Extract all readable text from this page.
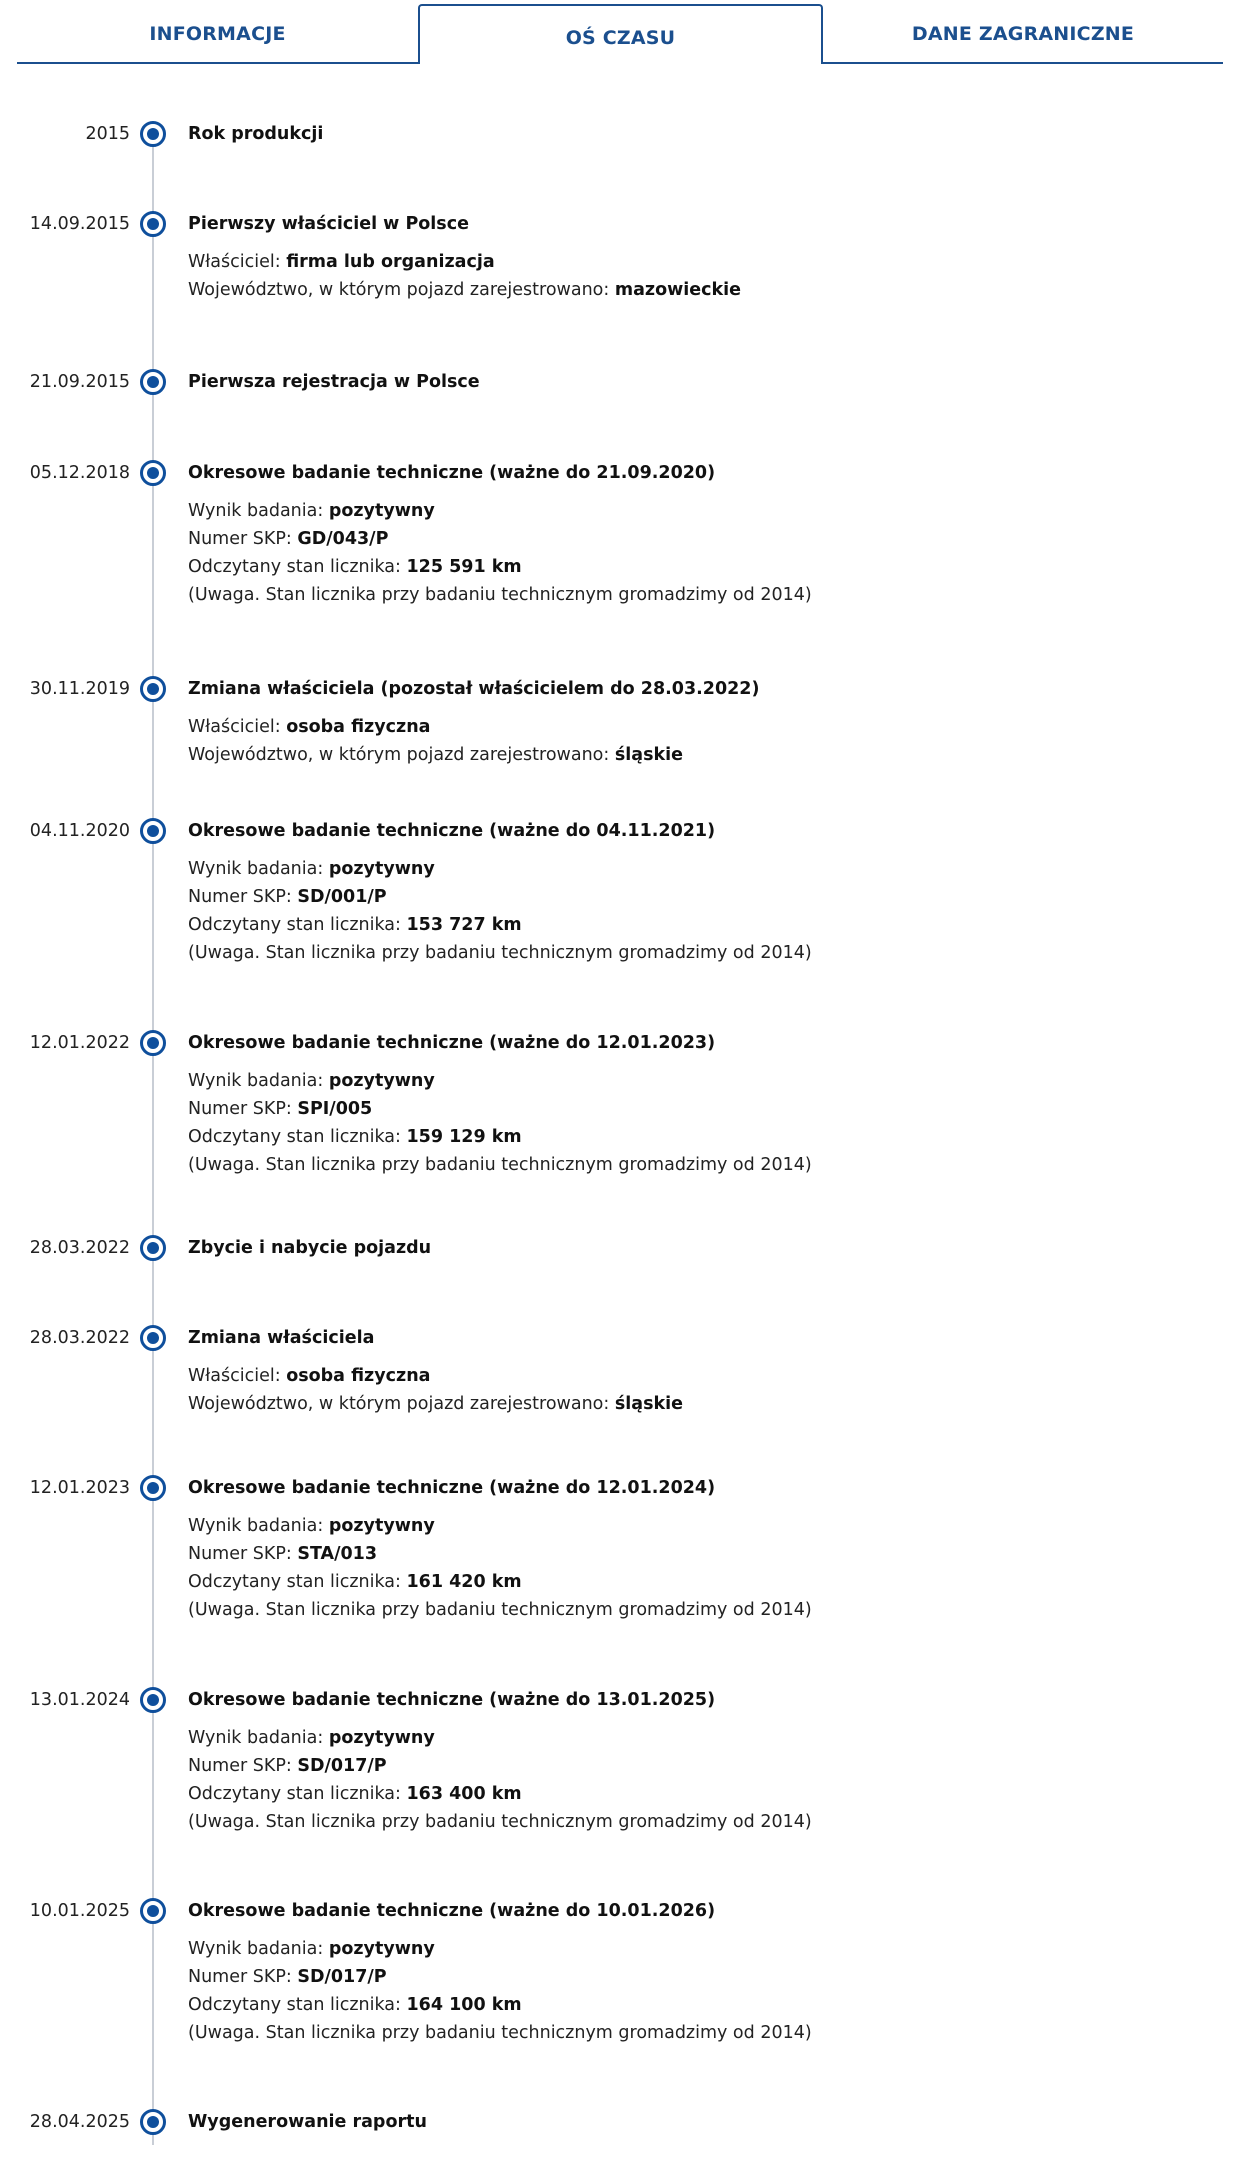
INFORMACJE	OŚ CZASU	DANE ZAGRANICZNE
2015	Rok produkcji
14.09.2015	Pierwszy właściciel w Polsce
Właściciel: firma lub organizacja
Województwo, w którym pojazd zarejestrowano: mazowieckie
21.09.2015	Pierwsza rejestracja w Polsce
05.12.2018	Okresowe badanie techniczne (ważne do 21.09.2020)
Wynik badania: pozytywny
Numer SKP: GD/043/P
Odczytany stan licznika: 125 591 km
(Uwaga. Stan licznika przy badaniu technicznym gromadzimy od 2014)
30.11.2019	Zmiana właściciela (pozostał właścicielem do 28.03.2022)
Właściciel: osoba fizyczna
Województwo, w którym pojazd zarejestrowano: śląskie
04.11.2020	Okresowe badanie techniczne (ważne do 04.11.2021)
Wynik badania: pozytywny
Numer SKP: SD/001/P
Odczytany stan licznika: 153 727 km
(Uwaga. Stan licznika przy badaniu technicznym gromadzimy od 2014)
12.01.2022	Okresowe badanie techniczne (ważne do 12.01.2023)
Wynik badania: pozytywny
Numer SKP: SPI/005
Odczytany stan licznika: 159 129 km
(Uwaga. Stan licznika przy badaniu technicznym gromadzimy od 2014)
28.03.2022	Zbycie i nabycie pojazdu
28.03.2022	Zmiana właściciela
Właściciel: osoba fizyczna
Województwo, w którym pojazd zarejestrowano: śląskie
12.01.2023	Okresowe badanie techniczne (ważne do 12.01.2024)
Wynik badania: pozytywny
Numer SKP: STA/013
Odczytany stan licznika: 161 420 km
(Uwaga. Stan licznika przy badaniu technicznym gromadzimy od 2014)
13.01.2024	Okresowe badanie techniczne (ważne do 13.01.2025)
Wynik badania: pozytywny
Numer SKP: SD/017/P
Odczytany stan licznika: 163 400 km
(Uwaga. Stan licznika przy badaniu technicznym gromadzimy od 2014)
10.01.2025	Okresowe badanie techniczne (ważne do 10.01.2026)
Wynik badania: pozytywny
Numer SKP: SD/017/P
Odczytany stan licznika: 164 100 km
(Uwaga. Stan licznika przy badaniu technicznym gromadzimy od 2014)
28.04.2025	Wygenerowanie raportu
